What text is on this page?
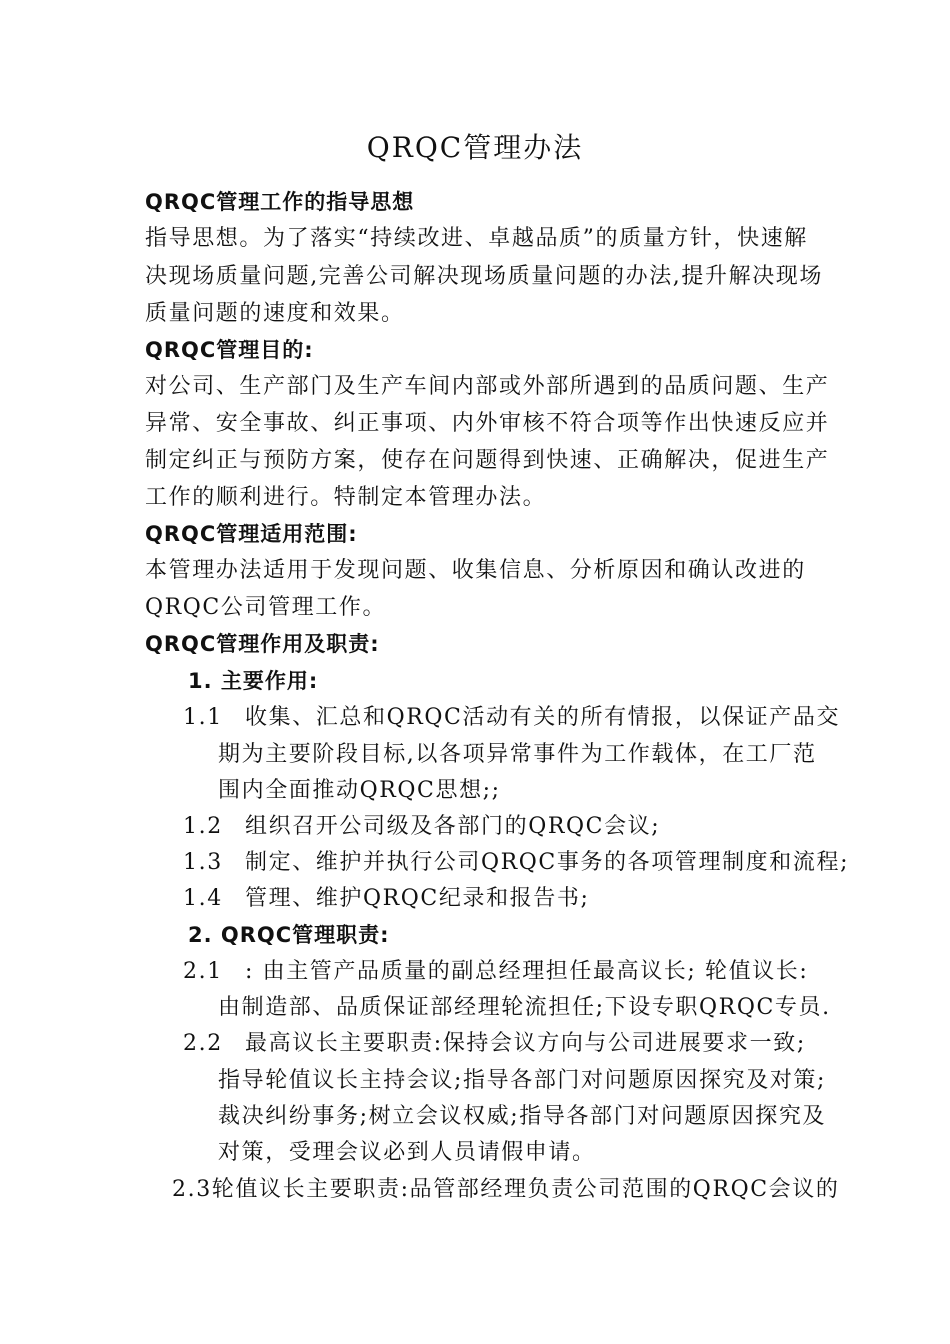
QRQC管理办法
QRQC管理工作的指导思想
指导思想。为了落实“持续改进、卓越品质”的质量方针，快速解
决现场质量问题,完善公司解决现场质量问题的办法,提升解决现场
质量问题的速度和效果。
QRQC管理目的:
对公司、生产部门及生产车间内部或外部所遇到的品质问题、生产
异常、安全事故、纠正事项、内外审核不符合项等作出快速反应并
制定纠正与预防方案，使存在问题得到快速、正确解决，促进生产
工作的顺利进行。特制定本管理办法。
QRQC管理适用范围:
本管理办法适用于发现问题、收集信息、分析原因和确认改进的
QRQC公司管理工作。
QRQC管理作用及职责:
1. 主要作用:
1.1 收集、汇总和QRQC活动有关的所有情报，以保证产品交
期为主要阶段目标,以各项异常事件为工作载体，在工厂范
围内全面推动QRQC思想;;
1.2 组织召开公司级及各部门的QRQC会议;
1.3 制定、维护并执行公司QRQC事务的各项管理制度和流程;
1.4 管理、维护QRQC纪录和报告书;
2. QRQC管理职责:
2.1 : 由主管产品质量的副总经理担任最高议长; 轮值议长:
由制造部、品质保证部经理轮流担任;下设专职QRQC专员.
2.2 最高议长主要职责:保持会议方向与公司进展要求一致;
指导轮值议长主持会议;指导各部门对问题原因探究及对策;
裁决纠纷事务;树立会议权威;指导各部门对问题原因探究及
对策，受理会议必到人员请假申请。
2.3轮值议长主要职责:品管部经理负责公司范围的QRQC会议的
